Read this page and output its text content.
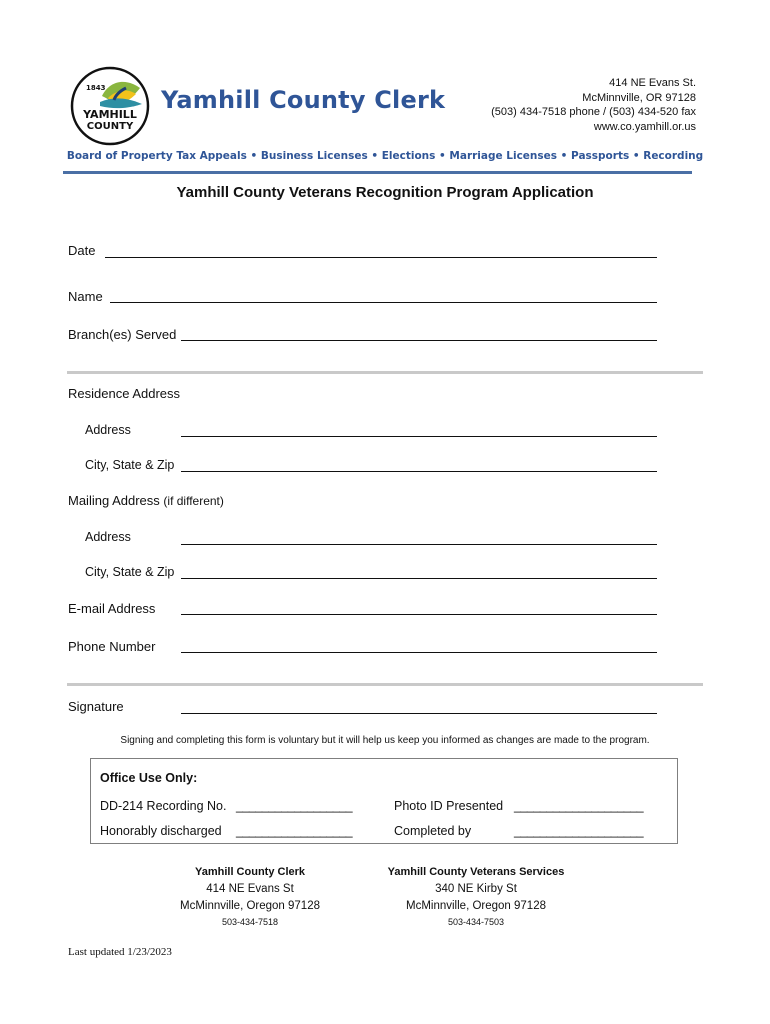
1843
YAMHILL
COUNTY
Yamhill County Clerk
414 NE Evans St.
McMinnville, OR 97128
(503) 434-7518 phone / (503) 434-520 fax
www.co.yamhill.or.us
Board of Property Tax Appeals • Business Licenses • Elections • Marriage Licenses • Passports • Recording
Yamhill County Veterans Recognition Program Application
Date
Name
Branch(es) Served
Residence Address
Address
City, State & Zip
Mailing Address (if different)
Address
City, State & Zip
E-mail Address
Phone Number
Signature
Signing and completing this form is voluntary but it will help us keep you informed as changes are made to the program.
Office Use Only:
DD-214 Recording No. __________________	Photo ID Presented ____________________
Honorably discharged __________________	Completed by	____________________
Yamhill County Clerk
414 NE Evans St
McMinnville, Oregon 97128
503-434-7518
Yamhill County Veterans Services
340 NE Kirby St
McMinnville, Oregon 97128
503-434-7503
Last updated 1/23/2023
